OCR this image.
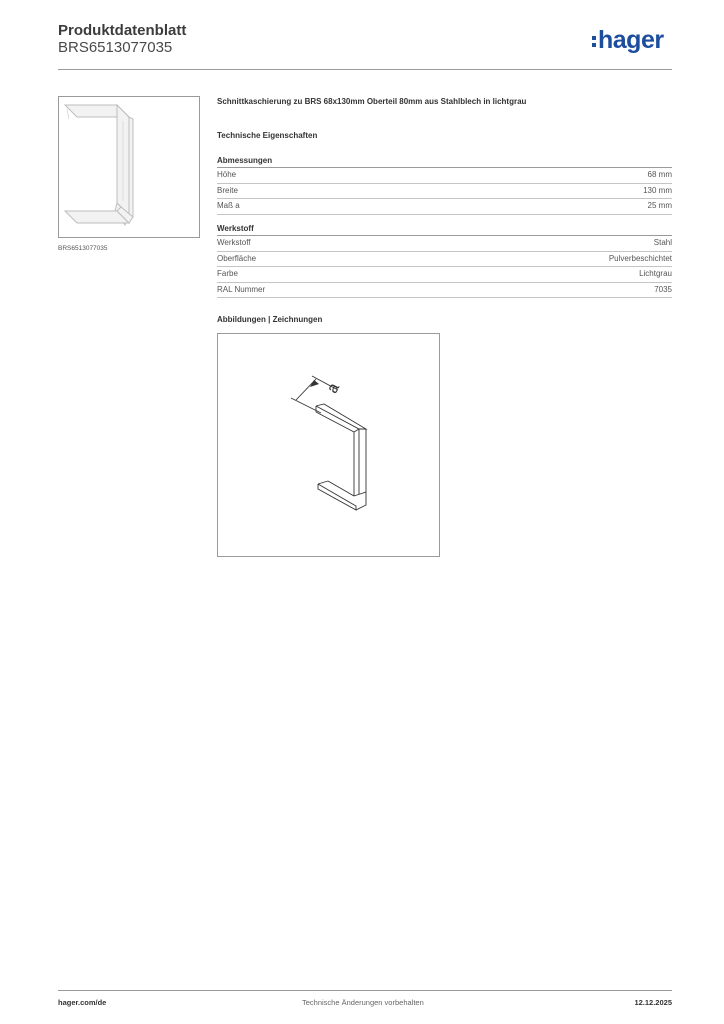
Produktdatenblatt
BRS6513077035	hager
BRS6513077035
Schnittkaschierung zu BRS 68x130mm Oberteil 80mm aus Stahlblech in lichtgrau
Technische Eigenschaften
Abmessungen
Höhe	68 mm
Breite	130 mm
Maß a	25 mm
Werkstoff
Werkstoff	Stahl
Oberfläche	Pulverbeschichtet
Farbe	Lichtgrau
RAL Nummer	7035
Abbildungen | Zeichnungen
a
hager.com/de	Technische Änderungen vorbehalten	12.12.2025
